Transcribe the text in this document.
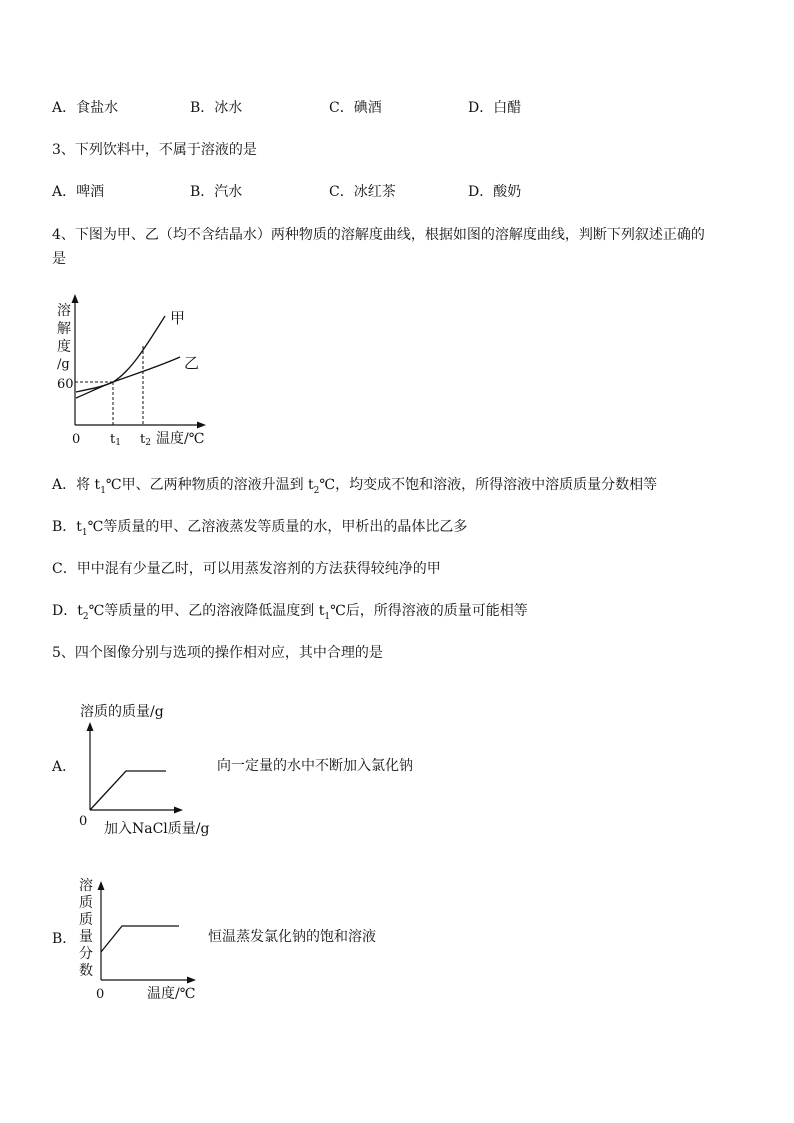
A．食盐水	B．冰水	C．碘酒	D．白醋
3、下列饮料中，不属于溶液的是
A．啤酒	B．汽水	C．冰红茶	D．酸奶
4、下图为甲、乙（均不含结晶水）两种物质的溶解度曲线，根据如图的溶解度曲线，判断下列叙述正确的
是
溶
解
度
/g
60
0 t1 t2 温度/℃
甲
乙
A．将 $t_1℃$甲、乙两种物质的溶液升温到 $t_2℃$，均变成不饱和溶液，所得溶液中溶质质量分数相等
B．$t_1℃$等质量的甲、乙溶液蒸发等质量的水，甲析出的晶体比乙多
C．甲中混有少量乙时，可以用蒸发溶剂的方法获得较纯净的甲
D．$t_2℃$等质量的甲、乙的溶液降低温度到 $t_1℃$后，所得溶液的质量可能相等
5、四个图像分别与选项的操作相对应，其中合理的是
A．	向一定量的水中不断加入氯化钠
B．	恒温蒸发氯化钠的饱和溶液
溶质的质量/g
0 加入NaCl质量/g
溶
质
质
量
分
数
0	温度/℃
